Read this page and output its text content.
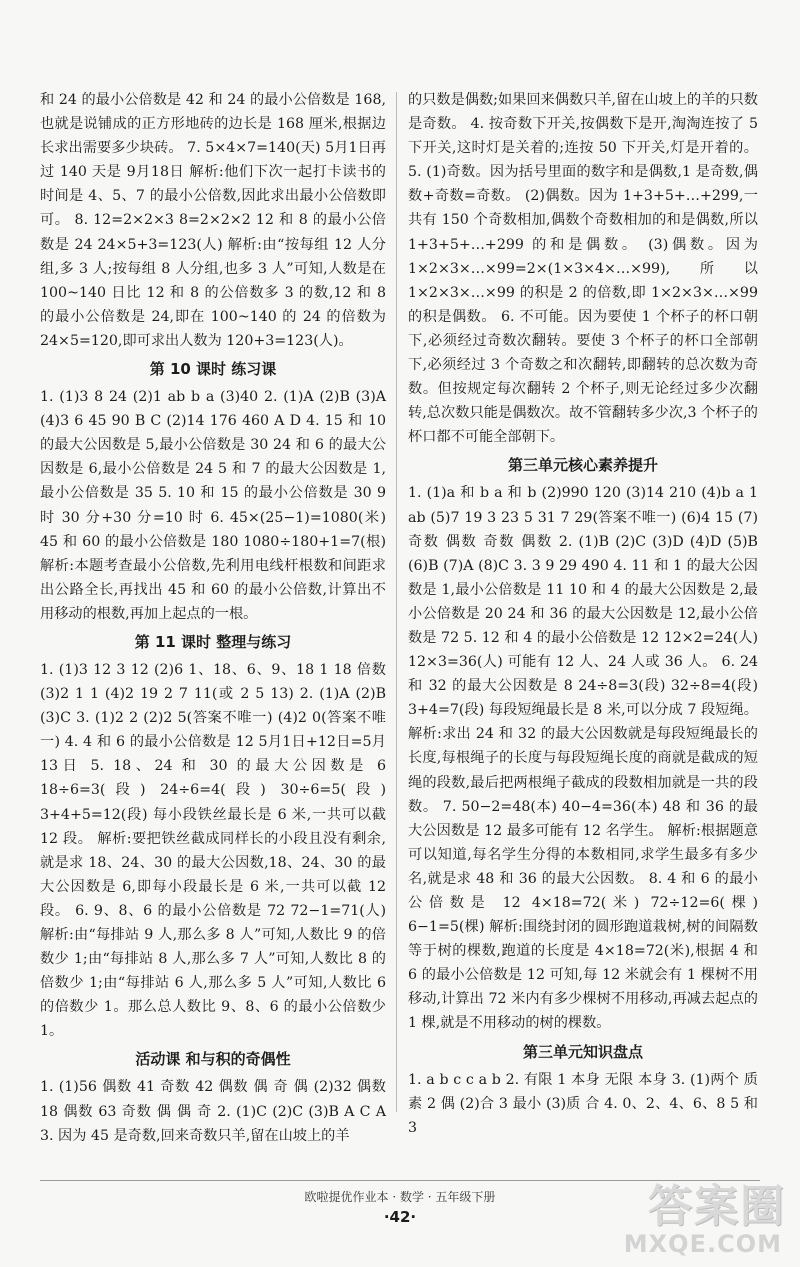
和 24 的最小公倍数是 42 和 24 的最小公倍数是 168,也就是说铺成的正方形地砖的边长是 168 厘米,根据边长求出需要多少块砖。 7. 5×4×7=140(天) 5月1日再过 140 天是 9月18日 解析:他们下次一起打卡读书的时间是 4、5、7 的最小公倍数,因此求出最小公倍数即可。 8. 12=2×2×3 8=2×2×2 12 和 8 的最小公倍数是 24 24×5+3=123(人) 解析:由“按每组 12 人分组,多 3 人;按每组 8 人分组,也多 3 人”可知,人数是在 100~140 日比 12 和 8 的公倍数多 3 的数,12 和 8 的最小公倍数是 24,即在 100~140 的 24 的倍数为 24×5=120,即可求出人数为 120+3=123(人)。

第 10 课时 练习课

1. (1)3 8 24 (2)1 ab b a (3)40 2. (1)A (2)B (3)A (4)3 6 45 90 B C (2)14 176 460 A D 4. 15 和 10 的最大公因数是 5,最小公倍数是 30 24 和 6 的最大公因数是 6,最小公倍数是 24 5 和 7 的最大公因数是 1,最小公倍数是 35 5. 10 和 15 的最小公倍数是 30 9 时 30 分+30 分=10 时 6. 45×(25−1)=1080(米) 45 和 60 的最小公倍数是 180 1080÷180+1=7(根) 解析:本题考查最小公倍数,先利用电线杆根数和间距求出公路全长,再找出 45 和 60 的最小公倍数,计算出不用移动的根数,再加上起点的一根。

第 11 课时 整理与练习

1. (1)3 12 3 12 (2)6 1、18、6、9、18 1 18 倍数 (3)2 1 1 (4)2 19 2 7 11(或 2 5 13) 2. (1)A (2)B (3)C 3. (1)2 2 (2)2 5(答案不唯一) (4)2 0(答案不唯一) 4. 4 和 6 的最小公倍数是 12 5月1日+12日=5月13日 5. 18、24 和 30 的最大公因数是 6 18÷6=3(段) 24÷6=4(段) 30÷6=5(段) 3+4+5=12(段) 每小段铁丝最长是 6 米,一共可以截 12 段。 解析:要把铁丝截成同样长的小段且没有剩余,就是求 18、24、30 的最大公因数,18、24、30 的最大公因数是 6,即每小段最长是 6 米,一共可以截 12 段。 6. 9、8、6 的最小公倍数是 72 72−1=71(人) 解析:由“每排站 9 人,那么多 8 人”可知,人数比 9 的倍数少 1;由“每排站 8 人,那么多 7 人”可知,人数比 8 的倍数少 1;由“每排站 6 人,那么多 5 人”可知,人数比 6 的倍数少 1。那么总人数比 9、8、6 的最小公倍数少 1。

活动课 和与积的奇偶性

1. (1)56 偶数 41 奇数 42 偶数 偶 奇 偶 (2)32 偶数 18 偶数 63 奇数 偶 偶 奇 2. (1)C (2)C (3)B A C A 3. 因为 45 是奇数,回来奇数只羊,留在山坡上的羊

的只数是偶数;如果回来偶数只羊,留在山坡上的羊的只数是奇数。 4. 按奇数下开关,按偶数下是开,淘淘连按了 5 下开关,这时灯是关着的;连按 50 下开关,灯是开着的。 5. (1)奇数。因为括号里面的数字和是偶数,1 是奇数,偶数+奇数=奇数。 (2)偶数。因为 1+3+5+…+299,一共有 150 个奇数相加,偶数个奇数相加的和是偶数,所以 1+3+5+…+299 的和是偶数。 (3)偶数。因为 1×2×3×…×99=2×(1×3×4×…×99),所以 1×2×3×…×99 的积是 2 的倍数,即 1×2×3×…×99 的积是偶数。 6. 不可能。因为要使 1 个杯子的杯口朝下,必须经过奇数次翻转。要使 3 个杯子的杯口全部朝下,必须经过 3 个奇数之和次翻转,即翻转的总次数为奇数。但按规定每次翻转 2 个杯子,则无论经过多少次翻转,总次数只能是偶数次。故不管翻转多少次,3 个杯子的杯口都不可能全部朝下。

第三单元核心素养提升

1. (1)a 和 b a 和 b (2)990 120 (3)14 210 (4)b a 1 ab (5)7 19 3 23 5 31 7 29(答案不唯一) (6)4 15 (7)奇数 偶数 奇数 偶数 2. (1)B (2)C (3)D (4)D (5)B (6)B (7)A (8)C 3. 3 9 29 490 4. 11 和 1 的最大公因数是 1,最小公倍数是 11 10 和 4 的最大公因数是 2,最小公倍数是 20 24 和 36 的最大公因数是 12,最小公倍数是 72 5. 12 和 4 的最小公倍数是 12 12×2=24(人) 12×3=36(人) 可能有 12 人、24 人或 36 人。 6. 24 和 32 的最大公因数是 8 24÷8=3(段) 32÷8=4(段) 3+4=7(段) 每段短绳最长是 8 米,可以分成 7 段短绳。 解析:求出 24 和 32 的最大公因数就是每段短绳最长的长度,每根绳子的长度与每段短绳长度的商就是截成的短绳的段数,最后把两根绳子截成的段数相加就是一共的段数。 7. 50−2=48(本) 40−4=36(本) 48 和 36 的最大公因数是 12 最多可能有 12 名学生。 解析:根据题意可以知道,每名学生分得的本数相同,求学生最多有多少名,就是求 48 和 36 的最大公因数。 8. 4 和 6 的最小公倍数是 12 4×18=72(米) 72÷12=6(棵) 6−1=5(棵) 解析:围绕封闭的圆形跑道栽树,树的间隔数等于树的棵数,跑道的长度是 4×18=72(米),根据 4 和 6 的最小公倍数是 12 可知,每 12 米就会有 1 棵树不用移动,计算出 72 米内有多少棵树不用移动,再减去起点的 1 棵,就是不用移动的树的棵数。

第三单元知识盘点

1. a b c c a b 2. 有限 1 本身 无限 本身 3. (1)两个 质 素 2 偶 (2)合 3 最小 (3)质 合 4. 0、2、4、6、8 5 和 3

欧啦提优作业本 · 数学 · 五年级下册
·42·	答案圈
MXQE.COM
